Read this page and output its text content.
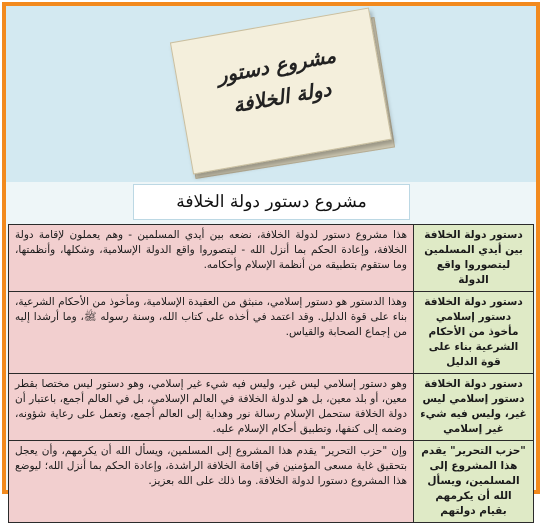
مشروع دستور
دولة الخلافة
مشروع دستور دولة الخلافة
دستور دولة الخلافة بين أيدي المسلمين ليتصوروا واقع الدولة	هذا مشروع دستور لدولة الخلافة، نضعه بين أيدي المسلمين - وهم يعملون لإقامة دولة الخلافة، وإعادة الحكم بما أنزل الله - ليتصوروا واقع الدولة الإسلامية، وشكلها، وأنظمتها، وما ستقوم بتطبيقه من أنظمة الإسلام وأحكامه.
دستور دولة الخلافة دستور إسلامي مأخوذ من الأحكام الشرعية بناء على قوة الدليل	وهذا الدستور هو دستور إسلامي، منبثق من العقيدة الإسلامية، ومأخوذ من الأحكام الشرعية، بناء على قوة الدليل. وقد اعتمد في أخذه على كتاب الله، وسنة رسوله ﷺ، وما أرشدا إليه من إجماع الصحابة والقياس.
دستور دولة الخلافة دستور إسلامي ليس غير، وليس فيه شيء غير إسلامي	وهو دستور إسلامي ليس غير، وليس فيه شيء غير إسلامي، وهو دستور ليس مختصا بقطر معين، أو بلد معين، بل هو لدولة الخلافة في العالم الإسلامي، بل في العالم أجمع، باعتبار أن دولة الخلافة ستحمل الإسلام رسالة نور وهداية إلى العالم أجمع، وتعمل على رعاية شؤونه، وضمه إلى كنفها، وتطبيق أحكام الإسلام عليه.
"حزب التحرير" يقدم هذا المشروع إلى المسلمين، ويسأل الله أن يكرمهم بقيام دولتهم	وإن "حزب التحرير" يقدم هذا المشروع إلى المسلمين، ويسأل الله أن يكرمهم، وأن يعجل بتحقيق غاية مسعى المؤمنين في إقامة الخلافة الراشدة، وإعادة الحكم بما أنزل الله؛ ليوضع هذا المشروع دستورا لدولة الخلافة. وما ذلك على الله بعزيز.
